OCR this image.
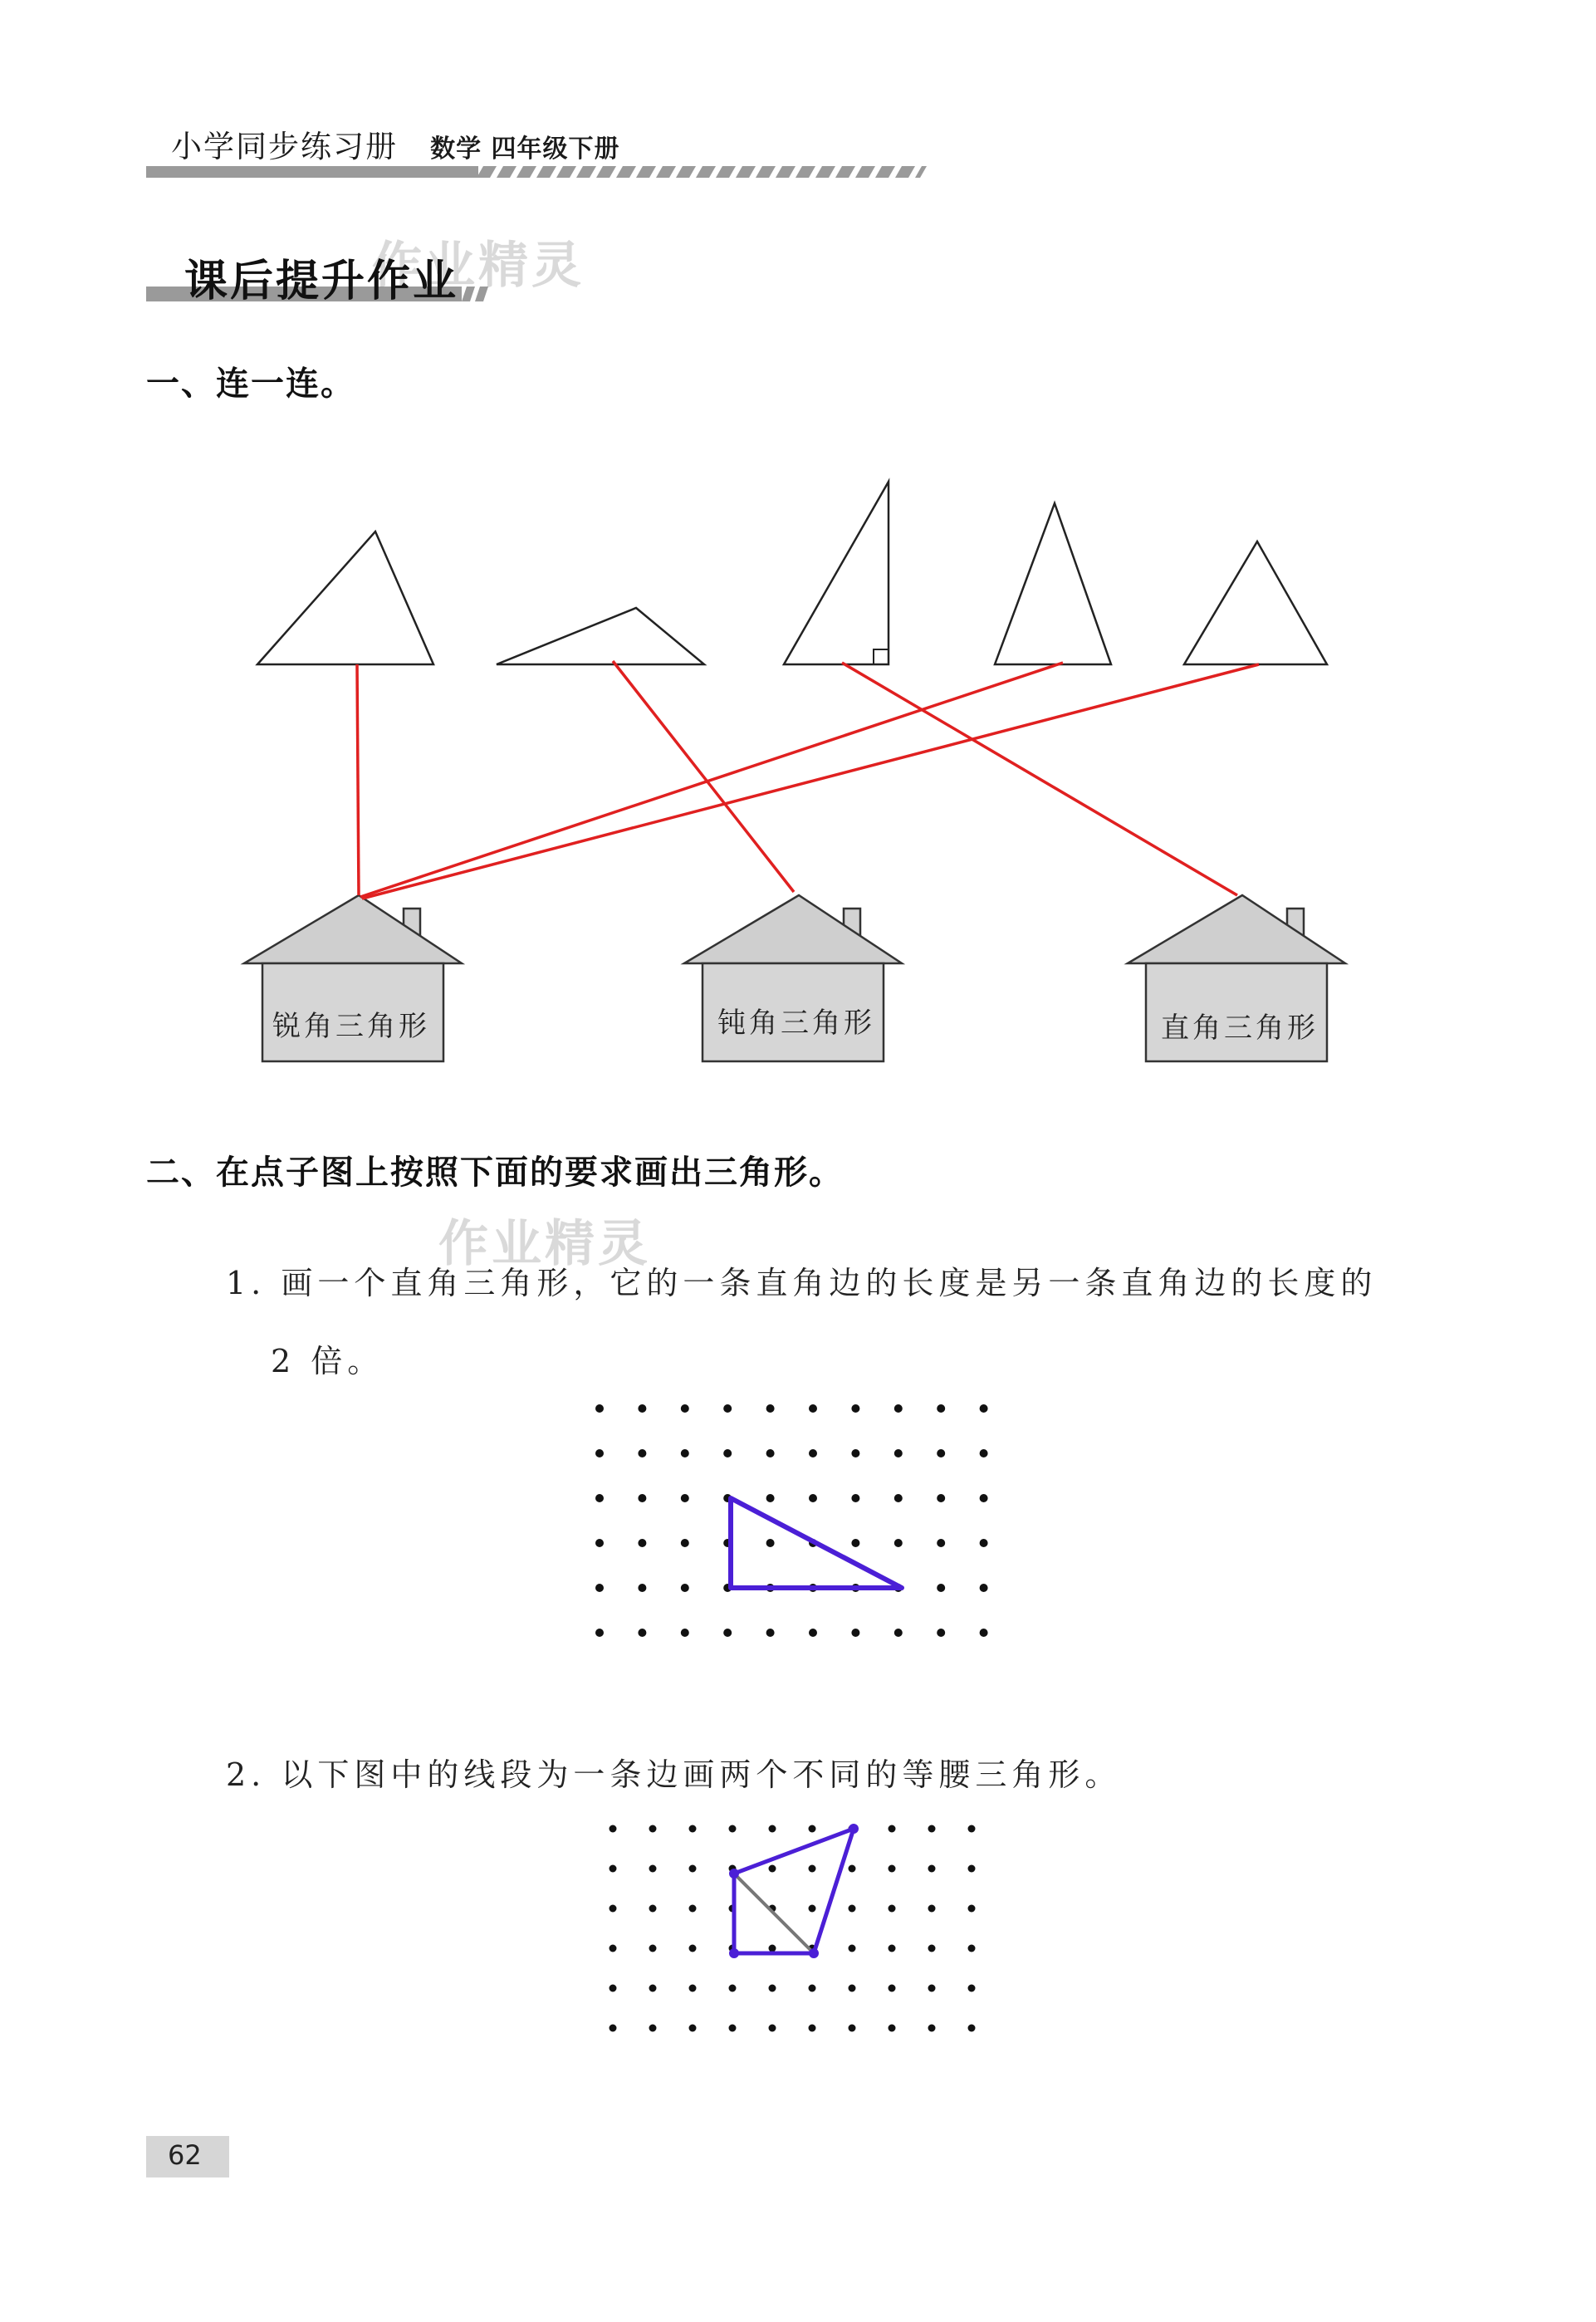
小学同步练习册 数学 四年级下册
作业精灵
课后提升作业
一、连一连。
锐角三角形	钝角三角形	直角三角形
二、在点子图上按照下面的要求画出三角形。
作业精灵
1. 画一个直角三角形，它的一条直角边的长度是另一条直角边的长度的
2 倍。
2. 以下图中的线段为一条边画两个不同的等腰三角形。
62
